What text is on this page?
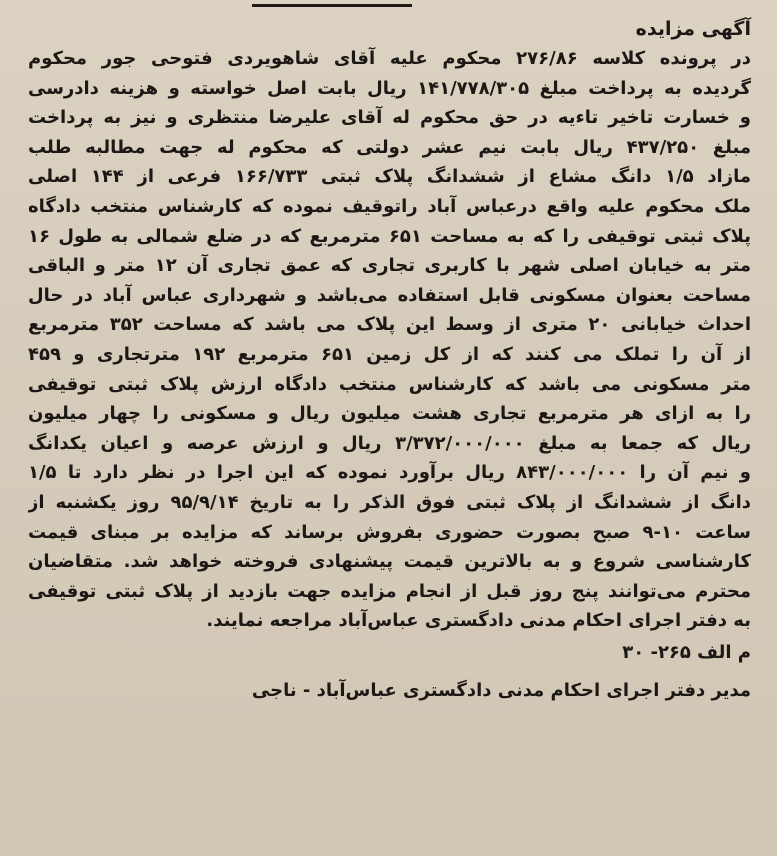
آگهی مزایده
در پرونده کلاسه ۲۷۶/۸۶ محکوم علیه آقای شاهویردی فتوحی جور محکوم
گردیده به پرداخت مبلغ ۱۴۱/۷۷۸/۳۰۵ ریال بابت اصل خواسته و هزینه دادرسی
و خسارت تاخیر تاءیه در حق محکوم له آقای علیرضا منتظری و نیز به پرداخت
مبلغ ۴۳۷/۲۵۰ ریال بابت نیم عشر دولتی که محکوم له جهت مطالبه طلب
مازاد ۱/۵ دانگ مشاع از ششدانگ پلاک ثبتی ۱۶۶/۷۳۳ فرعی از ۱۴۴ اصلی
ملک محکوم علیه واقع درعباس آباد راتوقیف نموده که کارشناس منتخب دادگاه
پلاک ثبتی توقیفی را که به مساحت ۶۵۱ مترمربع که در ضلع شمالی به طول ۱۶
متر به خیابان اصلی شهر با کاربری تجاری که عمق تجاری آن ۱۲ متر و الباقی
مساحت بعنوان مسکونی قابل استفاده می‌باشد و شهرداری عباس آباد در حال
احداث خیابانی ۲۰ متری از وسط این پلاک می باشد که مساحت ۳۵۲ مترمربع
از آن را تملک می کنند که از کل زمین ۶۵۱ مترمربع ۱۹۲ مترتجاری و ۴۵۹
متر مسکونی می باشد که کارشناس منتخب دادگاه ارزش پلاک ثبتی توقیفی
را به ازای هر مترمربع تجاری هشت میلیون ریال و مسکونی را چهار میلیون
ریال که جمعا به مبلغ ۳/۳۷۲/۰۰۰/۰۰۰ ریال و ارزش عرصه و اعیان یکدانگ
و نیم آن را ۸۴۳/۰۰۰/۰۰۰ ریال برآورد نموده که این اجرا در نظر دارد تا ۱/۵
دانگ از ششدانگ از پلاک ثبتی فوق الذکر را به تاریخ ۹۵/۹/۱۴ روز یکشنبه از
ساعت ۱۰-۹ صبح بصورت حضوری بفروش برساند که مزایده بر مبنای قیمت
کارشناسی شروع و به بالاترین قیمت پیشنهادی فروخته خواهد شد. متقاضیان
محترم می‌توانند پنج روز قبل از انجام مزایده جهت بازدید از پلاک ثبتی توقیفی
به دفتر اجرای احکام مدنی دادگستری عباس‌آباد مراجعه نمایند.
م الف ۲۶۵- ۳۰
مدیر دفتر اجرای احکام مدنی دادگستری عباس‌آباد - ناجی
